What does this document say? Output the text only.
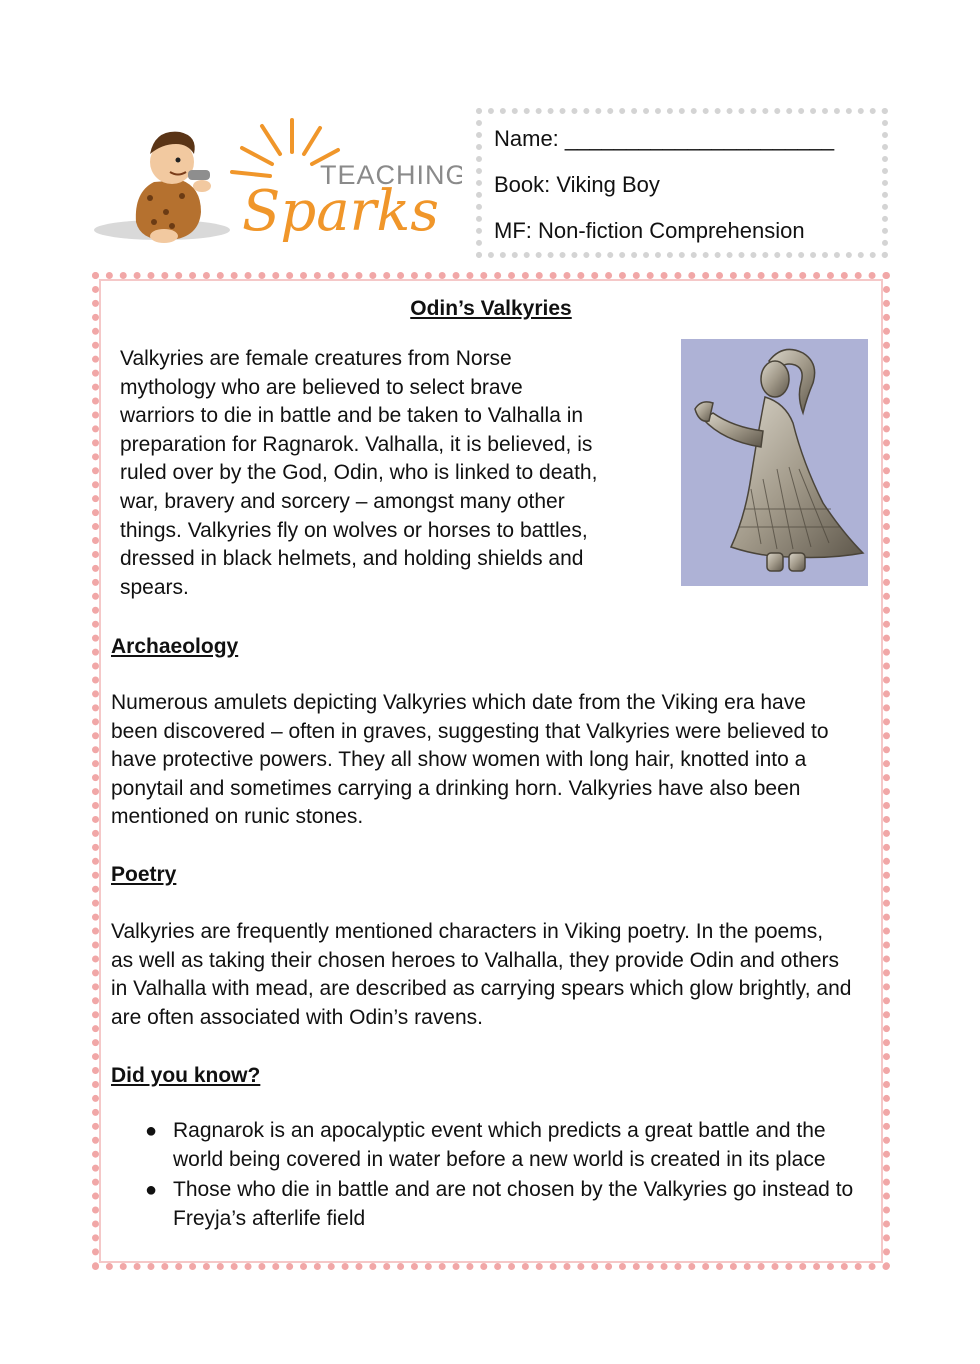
TEACHING
Sparks
Name: ______________________
Book: Viking Boy
MF: Non-fiction Comprehension
Odin’s Valkyries
Valkyries are female creatures from Norse
mythology who are believed to select brave
warriors to die in battle and be taken to Valhalla in
preparation for Ragnarok. Valhalla, it is believed, is
ruled over by the God, Odin, who is linked to death,
war, bravery and sorcery – amongst many other
things. Valkyries fly on wolves or horses to battles,
dressed in black helmets, and holding shields and
spears.
Archaeology
Numerous amulets depicting Valkyries which date from the Viking era have
been discovered – often in graves, suggesting that Valkyries were believed to
have protective powers. They all show women with long hair, knotted into a
ponytail and sometimes carrying a drinking horn. Valkyries have also been
mentioned on runic stones.
Poetry
Valkyries are frequently mentioned characters in Viking poetry. In the poems,
as well as taking their chosen heroes to Valhalla, they provide Odin and others
in Valhalla with mead, are described as carrying spears which glow brightly, and
are often associated with Odin’s ravens.
Did you know?
● Ragnarok is an apocalyptic event which predicts a great battle and the
world being covered in water before a new world is created in its place
● Those who die in battle and are not chosen by the Valkyries go instead to
Freyja’s afterlife field
